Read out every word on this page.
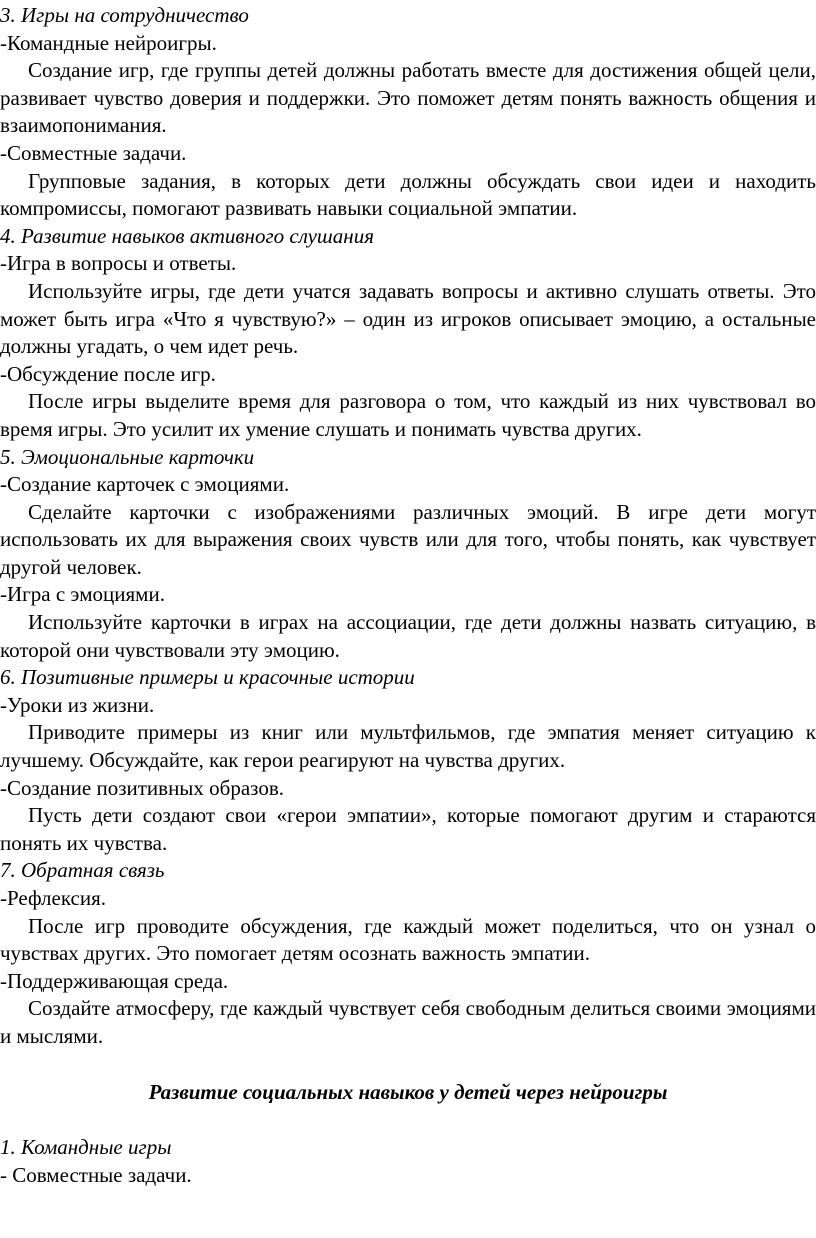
3. Игры на сотрудничество

-Командные нейроигры.

Создание игр, где группы детей должны работать вместе для достижения общей цели, развивает чувство доверия и поддержки. Это поможет детям понять важность общения и взаимопонимания.

-Совместные задачи.

Групповые задания, в которых дети должны обсуждать свои идеи и находить компромиссы, помогают развивать навыки социальной эмпатии.

4. Развитие навыков активного слушания

-Игра в вопросы и ответы.

Используйте игры, где дети учатся задавать вопросы и активно слушать ответы. Это может быть игра «Что я чувствую?» – один из игроков описывает эмоцию, а остальные должны угадать, о чем идет речь.

-Обсуждение после игр.

После игры выделите время для разговора о том, что каждый из них чувствовал во время игры. Это усилит их умение слушать и понимать чувства других.

5. Эмоциональные карточки

-Создание карточек с эмоциями.

Сделайте карточки с изображениями различных эмоций. В игре дети могут использовать их для выражения своих чувств или для того, чтобы понять, как чувствует другой человек.

-Игра с эмоциями.

Используйте карточки в играх на ассоциации, где дети должны назвать ситуацию, в которой они чувствовали эту эмоцию.

6. Позитивные примеры и красочные истории

-Уроки из жизни.

Приводите примеры из книг или мультфильмов, где эмпатия меняет ситуацию к лучшему. Обсуждайте, как герои реагируют на чувства других.

-Создание позитивных образов.

Пусть дети создают свои «герои эмпатии», которые помогают другим и стараются понять их чувства.

7. Обратная связь

-Рефлексия.

После игр проводите обсуждения, где каждый может поделиться, что он узнал о чувствах других. Это помогает детям осознать важность эмпатии.

-Поддерживающая среда.

Создайте атмосферу, где каждый чувствует себя свободным делиться своими эмоциями и мыслями.

Развитие социальных навыков у детей через нейроигры

1. Командные игры

- Совместные задачи.
